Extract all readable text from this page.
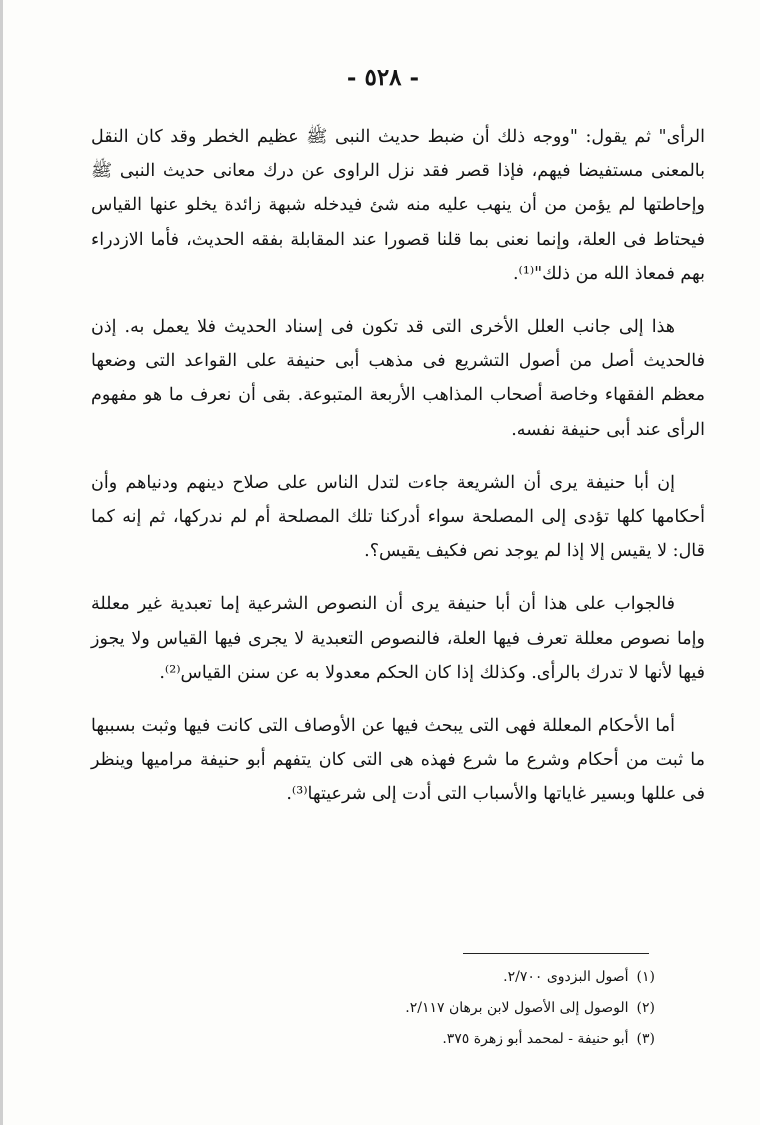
- ٥٢٨ -

الرأى" ثم يقول: "ووجه ذلك أن ضبط حديث النبى ﷺ عظيم الخطر وقد كان النقل بالمعنى مستفيضا فيهم، فإذا قصر فقد نزل الراوى عن درك معانى حديث النبى ﷺ وإحاطتها لم يؤمن من أن ينهب عليه منه شئ فيدخله شبهة زائدة يخلو عنها القياس فيحتاط فى العلة، وإنما نعنى بما قلنا قصورا عند المقابلة بفقه الحديث، فأما الازدراء بهم فمعاذ الله من ذلك"⁽¹⁾.

هذا إلى جانب العلل الأخرى التى قد تكون فى إسناد الحديث فلا يعمل به. إذن فالحديث أصل من أصول التشريع فى مذهب أبى حنيفة على القواعد التى وضعها معظم الفقهاء وخاصة أصحاب المذاهب الأربعة المتبوعة. بقى أن نعرف ما هو مفهوم الرأى عند أبى حنيفة نفسه.

إن أبا حنيفة يرى أن الشريعة جاءت لتدل الناس على صلاح دينهم ودنياهم وأن أحكامها كلها تؤدى إلى المصلحة سواء أدركنا تلك المصلحة أم لم ندركها، ثم إنه كما قال: لا يقيس إلا إذا لم يوجد نص فكيف يقيس؟.

فالجواب على هذا أن أبا حنيفة يرى أن النصوص الشرعية إما تعبدية غير معللة وإما نصوص معللة تعرف فيها العلة، فالنصوص التعبدية لا يجرى فيها القياس ولا يجوز فيها لأنها لا تدرك بالرأى. وكذلك إذا كان الحكم معدولا به عن سنن القياس⁽²⁾.

أما الأحكام المعللة فهى التى يبحث فيها عن الأوصاف التى كانت فيها وثبت بسببها ما ثبت من أحكام وشرع ما شرع فهذه هى التى كان يتفهم أبو حنيفة مراميها وينظر فى عللها وبسير غاياتها والأسباب التى أدت إلى شرعيتها⁽³⁾.

(١)أصول البزدوى ٢/٧٠٠.
(٢)الوصول إلى الأصول لابن برهان ٢/١١٧.
(٣)أبو حنيفة - لمحمد أبو زهرة ٣٧٥.
